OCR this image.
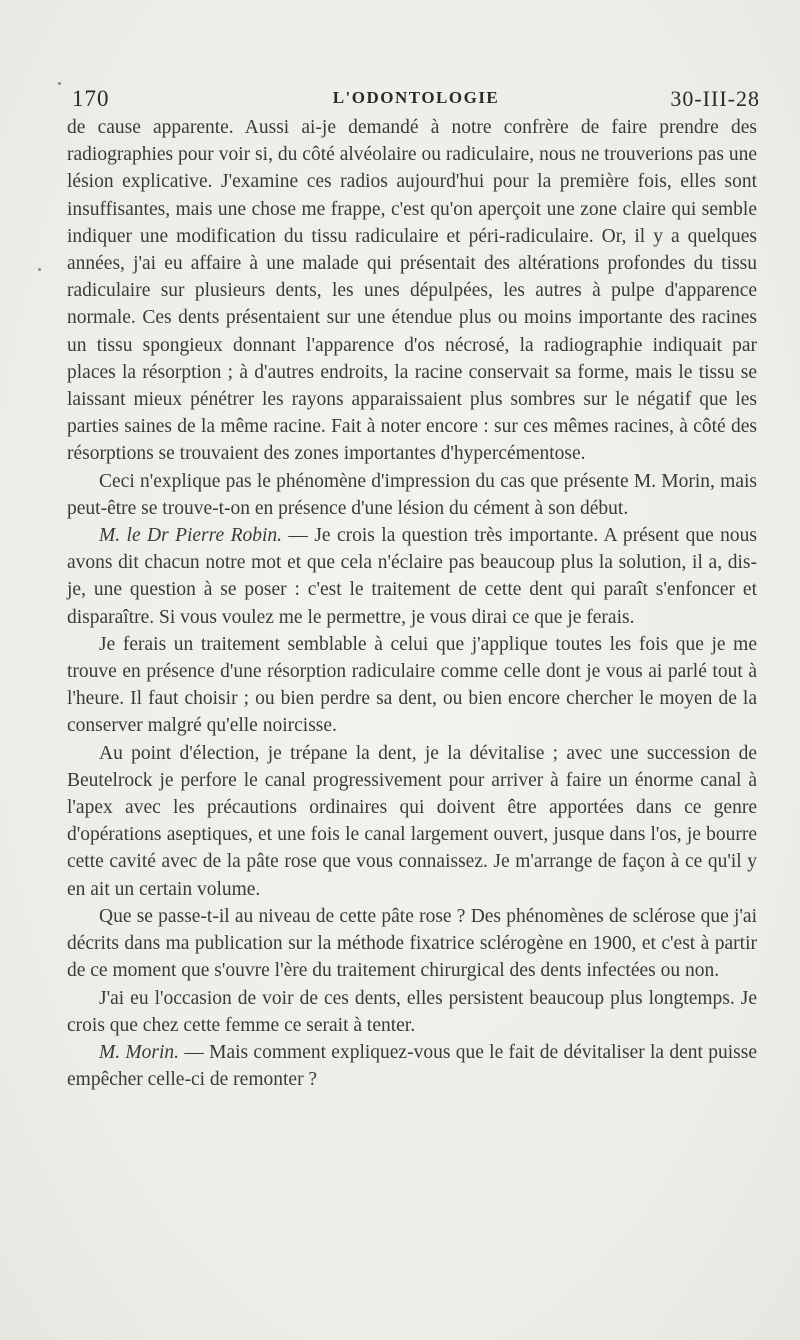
170	L'ODONTOLOGIE	30-III-28

de cause apparente. Aussi ai-je demandé à notre confrère de faire prendre des radiographies pour voir si, du côté alvéolaire ou radiculaire, nous ne trouverions pas une lésion explicative. J'examine ces radios aujourd'hui pour la première fois, elles sont insuffisantes, mais une chose me frappe, c'est qu'on aperçoit une zone claire qui semble indiquer une modification du tissu radiculaire et péri-radiculaire. Or, il y a quelques années, j'ai eu affaire à une malade qui présentait des altérations profondes du tissu radiculaire sur plusieurs dents, les unes dépulpées, les autres à pulpe d'apparence normale. Ces dents présentaient sur une étendue plus ou moins importante des racines un tissu spongieux donnant l'apparence d'os nécrosé, la radiographie indiquait par places la résorption ; à d'autres endroits, la racine conservait sa forme, mais le tissu se laissant mieux pénétrer les rayons apparaissaient plus sombres sur le négatif que les parties saines de la même racine. Fait à noter encore : sur ces mêmes racines, à côté des résorptions se trouvaient des zones importantes d'hypercémentose.

Ceci n'explique pas le phénomène d'impression du cas que présente M. Morin, mais peut-être se trouve-t-on en présence d'une lésion du cément à son début.

M. le Dr Pierre Robin. — Je crois la question très importante. A présent que nous avons dit chacun notre mot et que cela n'éclaire pas beaucoup plus la solution, il a, dis-je, une question à se poser : c'est le traitement de cette dent qui paraît s'enfoncer et disparaître. Si vous voulez me le permettre, je vous dirai ce que je ferais.

Je ferais un traitement semblable à celui que j'applique toutes les fois que je me trouve en présence d'une résorption radiculaire comme celle dont je vous ai parlé tout à l'heure. Il faut choisir ; ou bien perdre sa dent, ou bien encore chercher le moyen de la conserver malgré qu'elle noircisse.

Au point d'élection, je trépane la dent, je la dévitalise ; avec une succession de Beutelrock je perfore le canal progressivement pour arriver à faire un énorme canal à l'apex avec les précautions ordinaires qui doivent être apportées dans ce genre d'opérations aseptiques, et une fois le canal largement ouvert, jusque dans l'os, je bourre cette cavité avec de la pâte rose que vous connaissez. Je m'arrange de façon à ce qu'il y en ait un certain volume.

Que se passe-t-il au niveau de cette pâte rose ? Des phénomènes de sclérose que j'ai décrits dans ma publication sur la méthode fixatrice sclérogène en 1900, et c'est à partir de ce moment que s'ouvre l'ère du traitement chirurgical des dents infectées ou non.

J'ai eu l'occasion de voir de ces dents, elles persistent beaucoup plus longtemps. Je crois que chez cette femme ce serait à tenter.

M. Morin. — Mais comment expliquez-vous que le fait de dévitaliser la dent puisse empêcher celle-ci de remonter ?
